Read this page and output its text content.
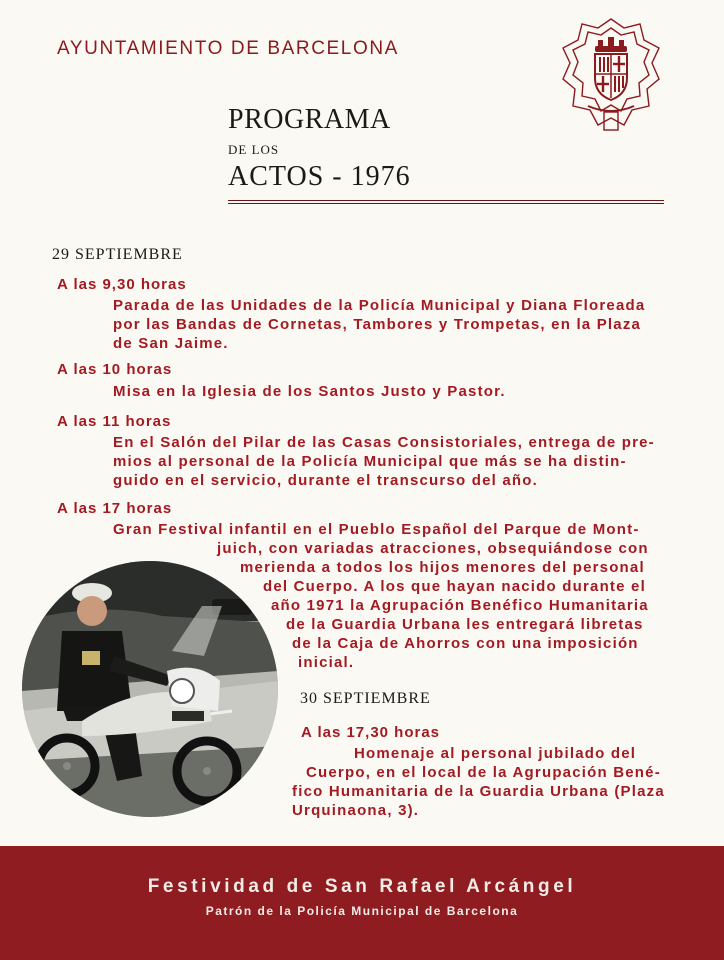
AYUNTAMIENTO DE BARCELONA
PROGRAMA
DE LOS
ACTOS - 1976
29 SEPTIEMBRE
A las 9,30 horas

Parada de las Unidades de la Policía Municipal y Diana Floreada

por las Bandas de Cornetas, Tambores y Trompetas, en la Plaza

de San Jaime.

A las 10 horas

Misa en la Iglesia de los Santos Justo y Pastor.

A las 11 horas

En el Salón del Pilar de las Casas Consistoriales, entrega de pre-

mios al personal de la Policía Municipal que más se ha distin-

guido en el servicio, durante el transcurso del año.

A las 17 horas

Gran Festival infantil en el Pueblo Español del Parque de Mont-

juich, con variadas atracciones, obsequiándose con

merienda a todos los hijos menores del personal

del Cuerpo. A los que hayan nacido durante el

año 1971 la Agrupación Benéfico Humanitaria

de la Guardia Urbana les entregará libretas

de la Caja de Ahorros con una imposición

inicial.

30 SEPTIEMBRE
A las 17,30 horas

Homenaje al personal jubilado del

Cuerpo, en el local de la Agrupación Bené-

fico Humanitaria de la Guardia Urbana (Plaza

Urquinaona, 3).

Festividad de San Rafael Arcángel
Patrón de la Policía Municipal de Barcelona
